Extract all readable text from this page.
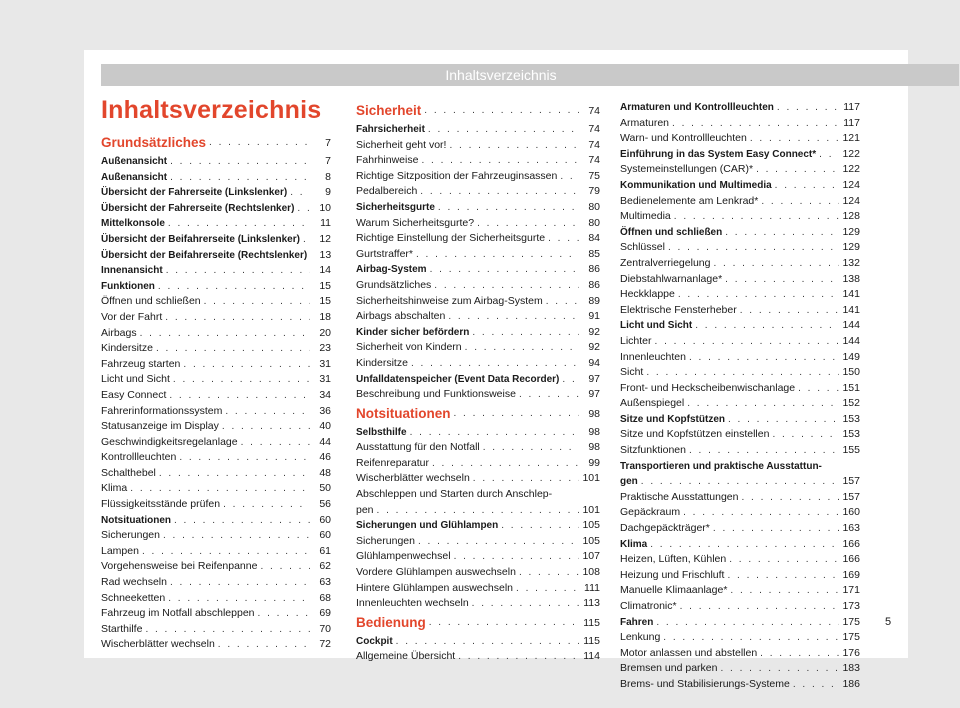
Inhaltsverzeichnis
Inhaltsverzeichnis
Grundsätzliches . . .	7
Außenansicht . . .	7
Außenansicht . . .	8
Übersicht der Fahrerseite (Linkslenker) . . .	9
Übersicht der Fahrerseite (Rechtslenker) . . .	10
Mittelkonsole . . .	11
Übersicht der Beifahrerseite (Linkslenker) . . .	12
Übersicht der Beifahrerseite (Rechtslenker)	13
Innenansicht . . .	14
Funktionen . . .	15
Öffnen und schließen . . .	15
Vor der Fahrt . . .	18
Airbags . . .	20
Kindersitze . . .	23
Fahrzeug starten . . .	31
Licht und Sicht . . .	31
Easy Connect . . .	34
Fahrerinformationssystem . . .	36
Statusanzeige im Display . . .	40
Geschwindigkeitsregelanlage . . .	44
Kontrollleuchten . . .	46
Schalthebel . . .	48
Klima . . .	50
Flüssigkeitsstände prüfen . . .	56
Notsituationen . . .	60
Sicherungen . . .	60
Lampen . . .	61
Vorgehensweise bei Reifenpanne . . .	62
Rad wechseln . . .	63
Schneeketten . . .	68
Fahrzeug im Notfall abschleppen . . .	69
Starthilfe . . .	70
Wischerblätter wechseln . . .	72
Sicherheit . . .	74
Fahrsicherheit . . .	74
Sicherheit geht vor! . . .	74
Fahrhinweise . . .	74
Richtige Sitzposition der Fahrzeuginsassen . . .	75
Pedalbereich . . .	79
Sicherheitsgurte . . .	80
Warum Sicherheitsgurte? . . .	80
Richtige Einstellung der Sicherheitsgurte . . .	84
Gurtstraffer* . . .	85
Airbag-System . . .	86
Grundsätzliches . . .	86
Sicherheitshinweise zum Airbag-System . . .	89
Airbags abschalten . . .	91
Kinder sicher befördern . . .	92
Sicherheit von Kindern . . .	92
Kindersitze . . .	94
Unfalldatenspeicher (Event Data Recorder) . . .	97
Beschreibung und Funktionsweise . . .	97
Notsituationen . . .	98
Selbsthilfe . . .	98
Ausstattung für den Notfall . . .	98
Reifenreparatur . . .	99
Wischerblätter wechseln . . .	101
Abschleppen und Starten durch Anschlep-
pen . . .	101
Sicherungen und Glühlampen . . .	105
Sicherungen . . .	105
Glühlampenwechsel . . .	107
Vordere Glühlampen auswechseln . . .	108
Hintere Glühlampen auswechseln . . .	111
Innenleuchten wechseln . . .	113
Bedienung . . .	115
Cockpit . . .	115
Allgemeine Übersicht . . .	114
Armaturen und Kontrollleuchten . . .	117
Armaturen . . .	117
Warn- und Kontrollleuchten . . .	121
Einführung in das System Easy Connect* . . .	122
Systemeinstellungen (CAR)* . . .	122
Kommunikation und Multimedia . . .	124
Bedienelemente am Lenkrad* . . .	124
Multimedia . . .	128
Öffnen und schließen . . .	129
Schlüssel . . .	129
Zentralverriegelung . . .	132
Diebstahlwarnanlage* . . .	138
Heckklappe . . .	141
Elektrische Fensterheber . . .	141
Licht und Sicht . . .	144
Lichter . . .	144
Innenleuchten . . .	149
Sicht . . .	150
Front- und Heckscheibenwischanlage . . .	151
Außenspiegel . . .	152
Sitze und Kopfstützen . . .	153
Sitze und Kopfstützen einstellen . . .	153
Sitzfunktionen . . .	155
Transportieren und praktische Ausstattun-
gen . . .	157
Praktische Ausstattungen . . .	157
Gepäckraum . . .	160
Dachgepäckträger* . . .	163
Klima . . .	166
Heizen, Lüften, Kühlen . . .	166
Heizung und Frischluft . . .	169
Manuelle Klimaanlage* . . .	171
Climatronic* . . .	173
Fahren . . .	175
Lenkung . . .	175
Motor anlassen und abstellen . . .	176
Bremsen und parken . . .	183
Brems- und Stabilisierungs-Systeme . . .	186
5
